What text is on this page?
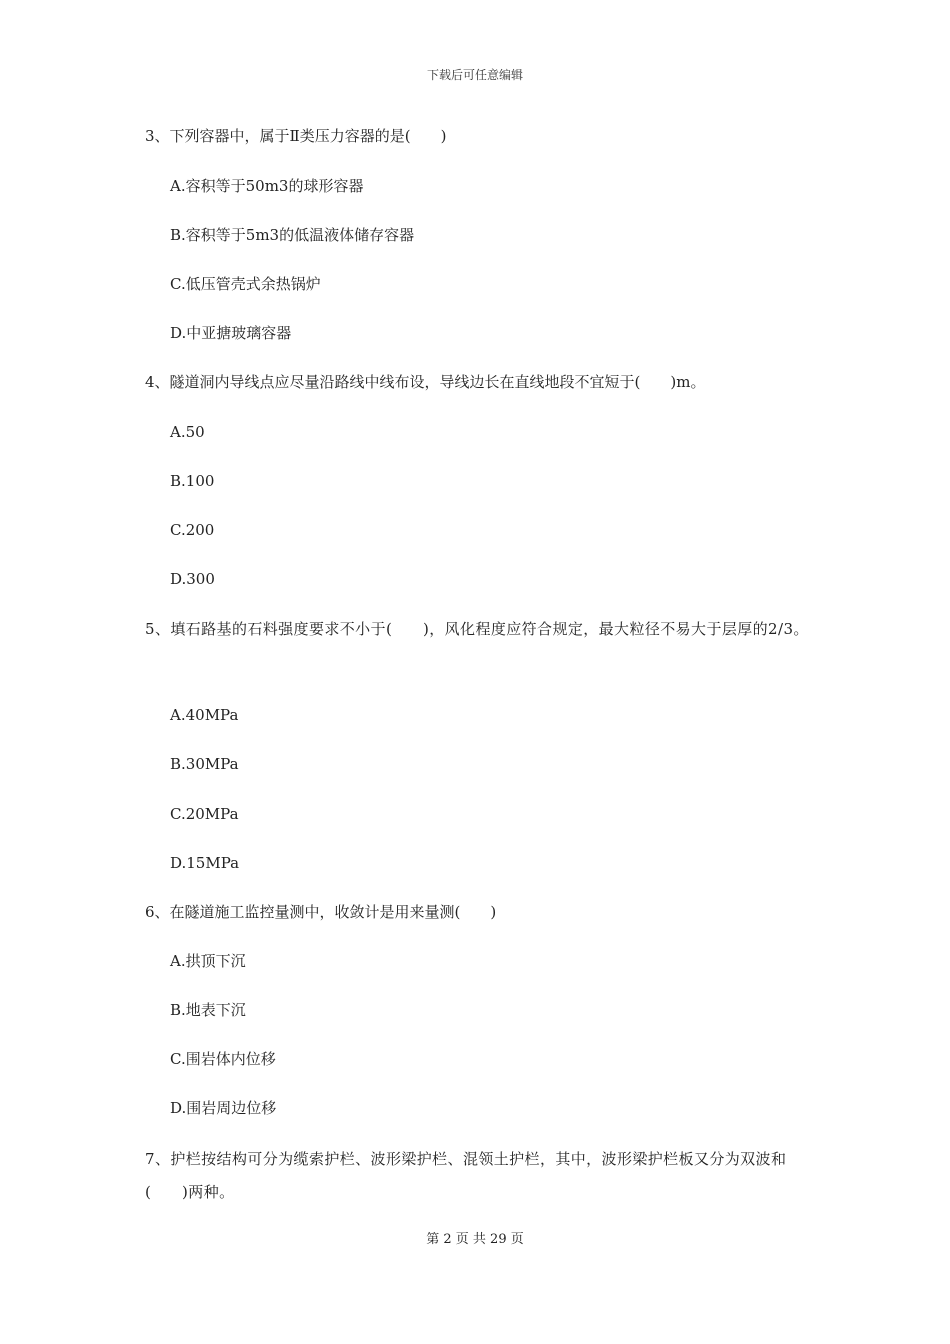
下载后可任意编辑
3、下列容器中，属于Ⅱ类压力容器的是(　　)
A.容积等于50m3的球形容器
B.容积等于5m3的低温液体储存容器
C.低压管壳式余热锅炉
D.中亚搪玻璃容器
4、隧道洞内导线点应尽量沿路线中线布设，导线边长在直线地段不宜短于(　　)m。
A.50
B.100
C.200
D.300
5、填石路基的石料强度要求不小于(　　)，风化程度应符合规定，最大粒径不易大于层厚的2/3。
A.40MPa
B.30MPa
C.20MPa
D.15MPa
6、在隧道施工监控量测中，收敛计是用来量测(　　)
A.拱顶下沉
B.地表下沉
C.围岩体内位移
D.围岩周边位移
7、护栏按结构可分为缆索护栏、波形梁护栏、混领土护栏，其中，波形梁护栏板又分为双波和(　　)两种。
第 2 页 共 29 页
